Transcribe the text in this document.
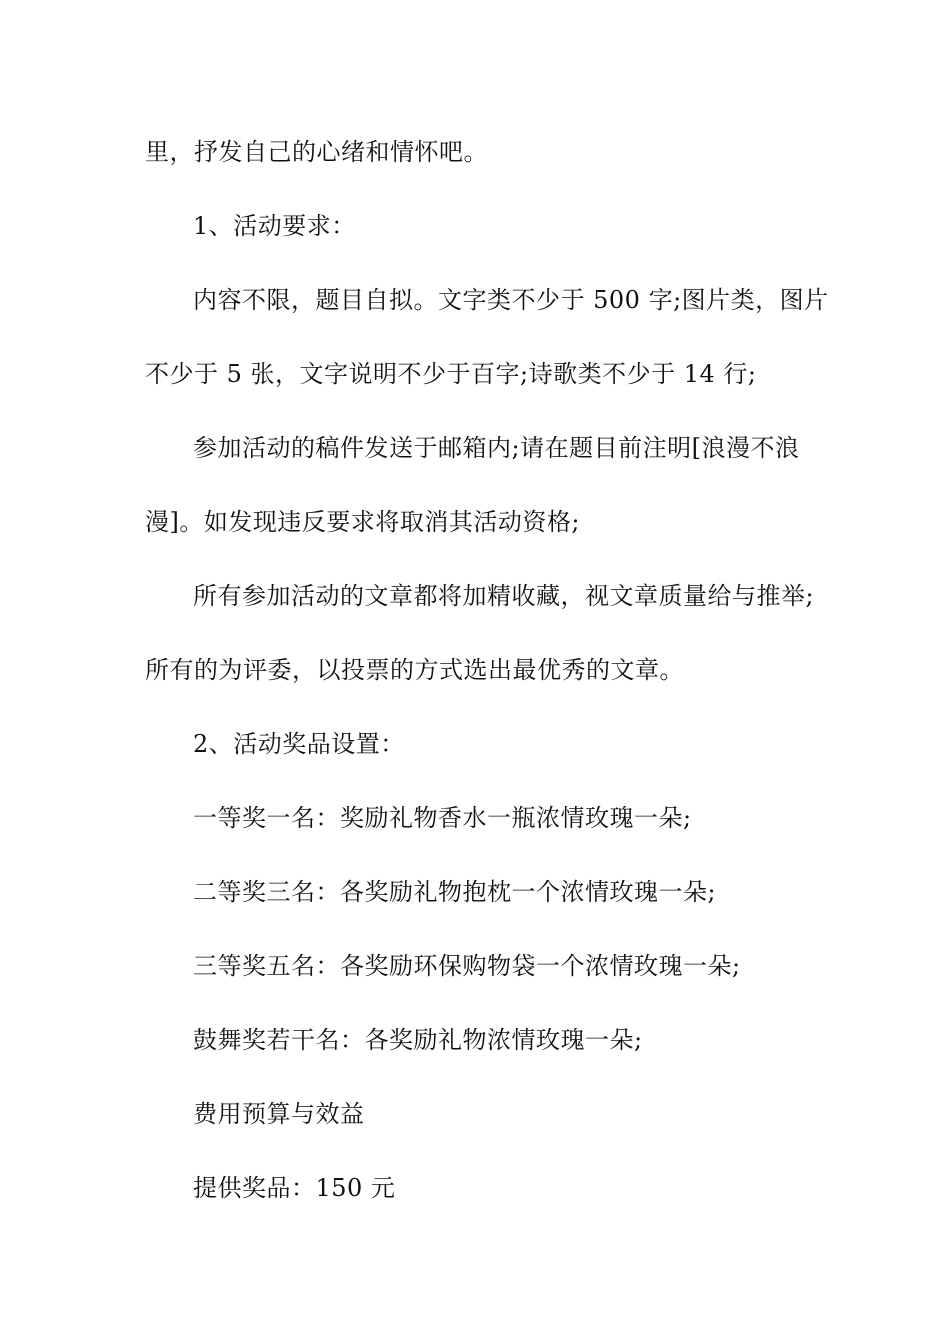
里，抒发自己的心绪和情怀吧。
1、活动要求：
内容不限，题目自拟。文字类不少于 500 字;图片类，图片
不少于 5 张，文字说明不少于百字;诗歌类不少于 14 行;
参加活动的稿件发送于邮箱内;请在题目前注明[浪漫不浪
漫]。如发现违反要求将取消其活动资格;
所有参加活动的文章都将加精收藏，视文章质量给与推举;
所有的为评委，以投票的方式选出最优秀的文章。
2、活动奖品设置：
一等奖一名：奖励礼物香水一瓶浓情玫瑰一朵;
二等奖三名：各奖励礼物抱枕一个浓情玫瑰一朵;
三等奖五名：各奖励环保购物袋一个浓情玫瑰一朵;
鼓舞奖若干名：各奖励礼物浓情玫瑰一朵;
费用预算与效益
提供奖品：150 元
